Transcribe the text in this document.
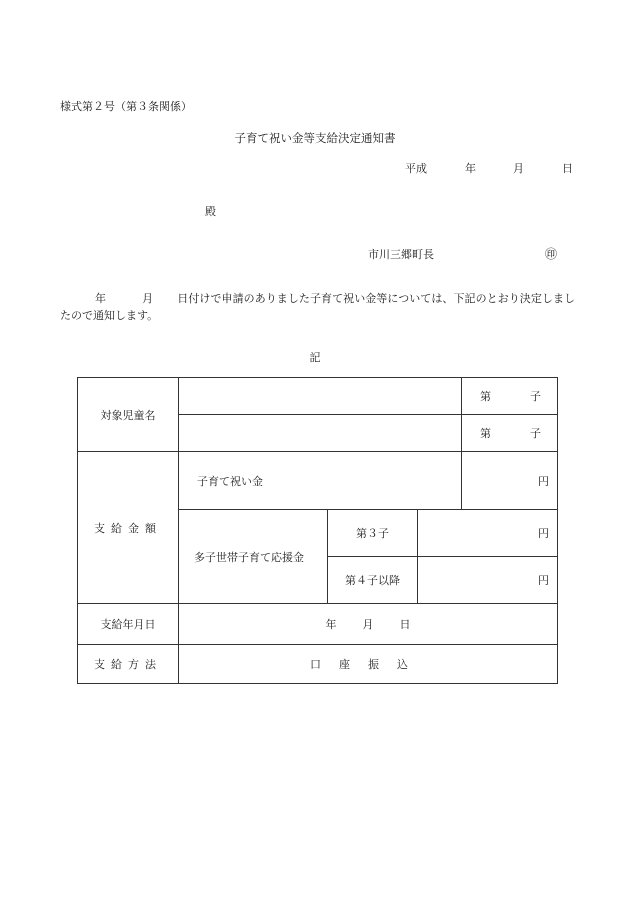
様式第２号（第３条関係）
子育て祝い金等支給決定通知書
平成	年	月	日
殿
市川三郷町長	㊞
年	月 日付けで申請のありました子育て祝い金等については、下記のとおり決定しましたので通知します。
記
対象児童名				第 子

				第 子

支給金額	子育て祝い金			円
	多子世帯子育て応援金	第３子	円	
		第４子以降	円	
支給年月日	年 月 日			
支給方法	口座振込			
